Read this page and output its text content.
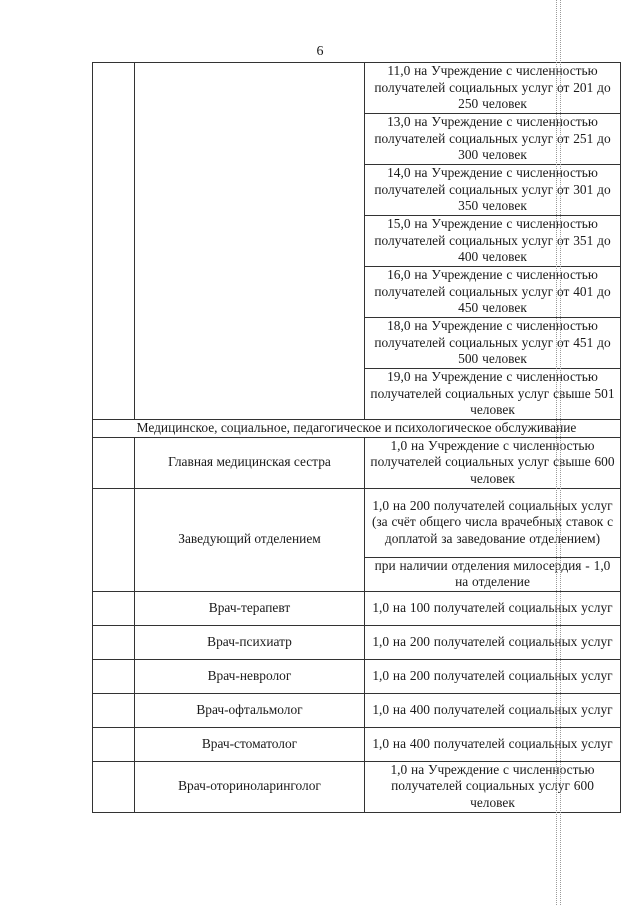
6
		11,0 на Учреждение с численностью получателей социальных услуг от 201 до 250 человек
		13,0 на Учреждение с численностью получателей социальных услуг от 251 до 300 человек
		14,0 на Учреждение с численностью получателей социальных услуг от 301 до 350 человек
		15,0 на Учреждение с численностью получателей социальных услуг от 351 до 400 человек
		16,0 на Учреждение с численностью получателей социальных услуг от 401 до 450 человек
		18,0 на Учреждение с численностью получателей социальных услуг от 451 до 500 человек
		19,0 на Учреждение с численностью получателей социальных услуг свыше 501 человек
Медицинское, социальное, педагогическое и психологическое обслуживание		
	Главная медицинская сестра	1,0 на Учреждение с численностью получателей социальных услуг свыше 600 человек
	Заведующий отделением	1,0 на 200 получателей социальных услуг (за счёт общего числа врачебных ставок с доплатой за заведование отделением)
		при наличии отделения милосердия - 1,0 на отделение
	Врач-терапевт	1,0 на 100 получателей социальных услуг
	Врач-психиатр	1,0 на 200 получателей социальных услуг
	Врач-невролог	1,0 на 200 получателей социальных услуг
	Врач-офтальмолог	1,0 на 400 получателей социальных услуг
	Врач-стоматолог	1,0 на 400 получателей социальных услуг
	Врач-оториноларинголог	1,0 на Учреждение с численностью получателей социальных услуг 600 человек
